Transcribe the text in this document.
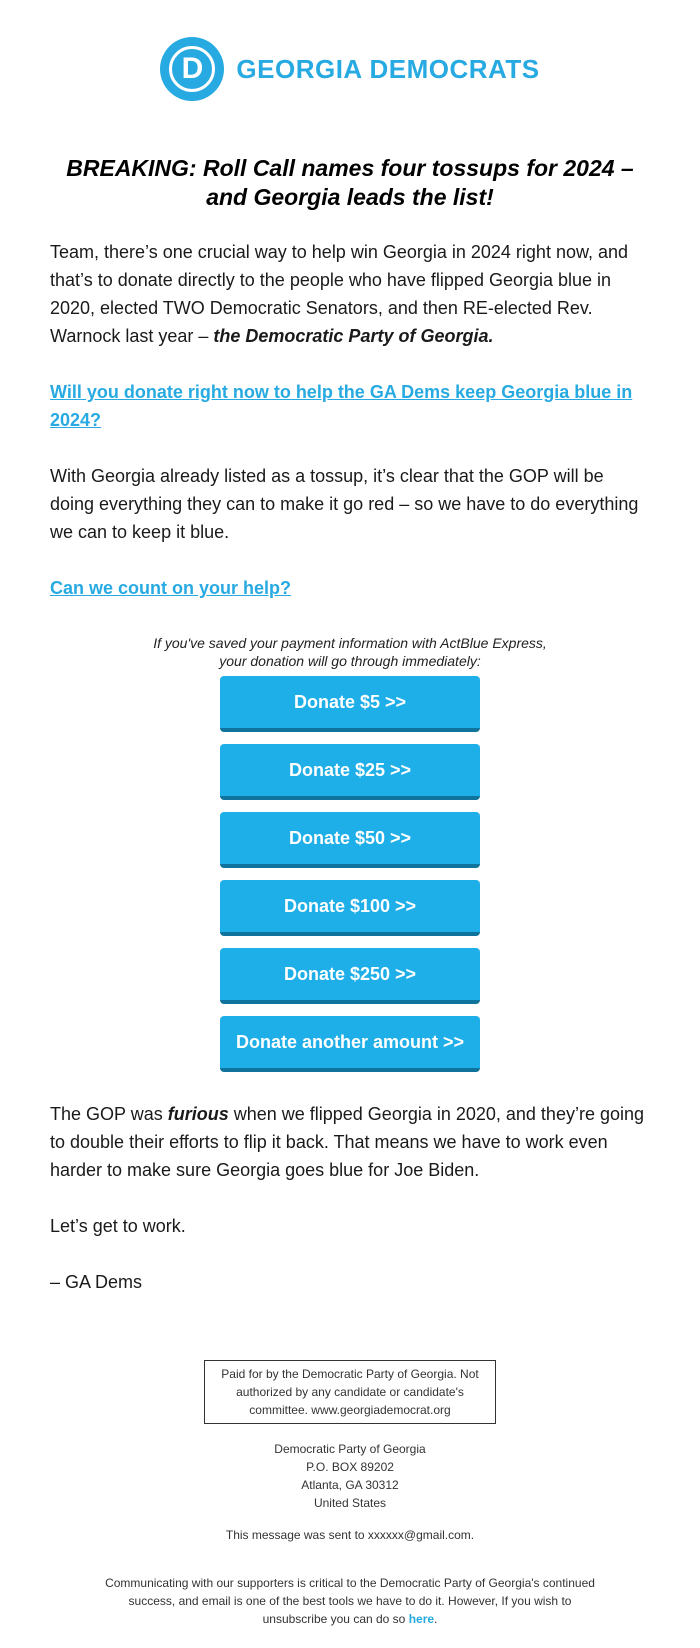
D	GEORGIA DEMOCRATS
BREAKING: Roll Call names four tossups for 2024 – and Georgia leads the list!

Team, there’s one crucial way to help win Georgia in 2024 right now, and that’s to donate directly to the people who have flipped Georgia blue in 2020, elected TWO Democratic Senators, and then RE-elected Rev. Warnock last year – the Democratic Party of Georgia.

Will you donate right now to help the GA Dems keep Georgia blue in 2024?

With Georgia already listed as a tossup, it’s clear that the GOP will be doing everything they can to make it go red – so we have to do everything we can to keep it blue.

Can we count on your help?
If you've saved your payment information with ActBlue Express,
your donation will go through immediately:
Donate $5 >>
Donate $25 >>
Donate $50 >>
Donate $100 >>
Donate $250 >>
Donate another amount >>

The GOP was furious when we flipped Georgia in 2020, and they’re going to double their efforts to flip it back. That means we have to work even harder to make sure Georgia goes blue for Joe Biden.

Let’s get to work.

– GA Dems

Paid for by the Democratic Party of Georgia. Not authorized by any candidate or candidate's committee. www.georgiademocrat.org
Democratic Party of Georgia
P.O. BOX 89202
Atlanta, GA 30312
United States
This message was sent to xxxxxx@gmail.com.
Communicating with our supporters is critical to the Democratic Party of Georgia's continued success, and email is one of the best tools we have to do it. However, If you wish to unsubscribe you can do so here.
